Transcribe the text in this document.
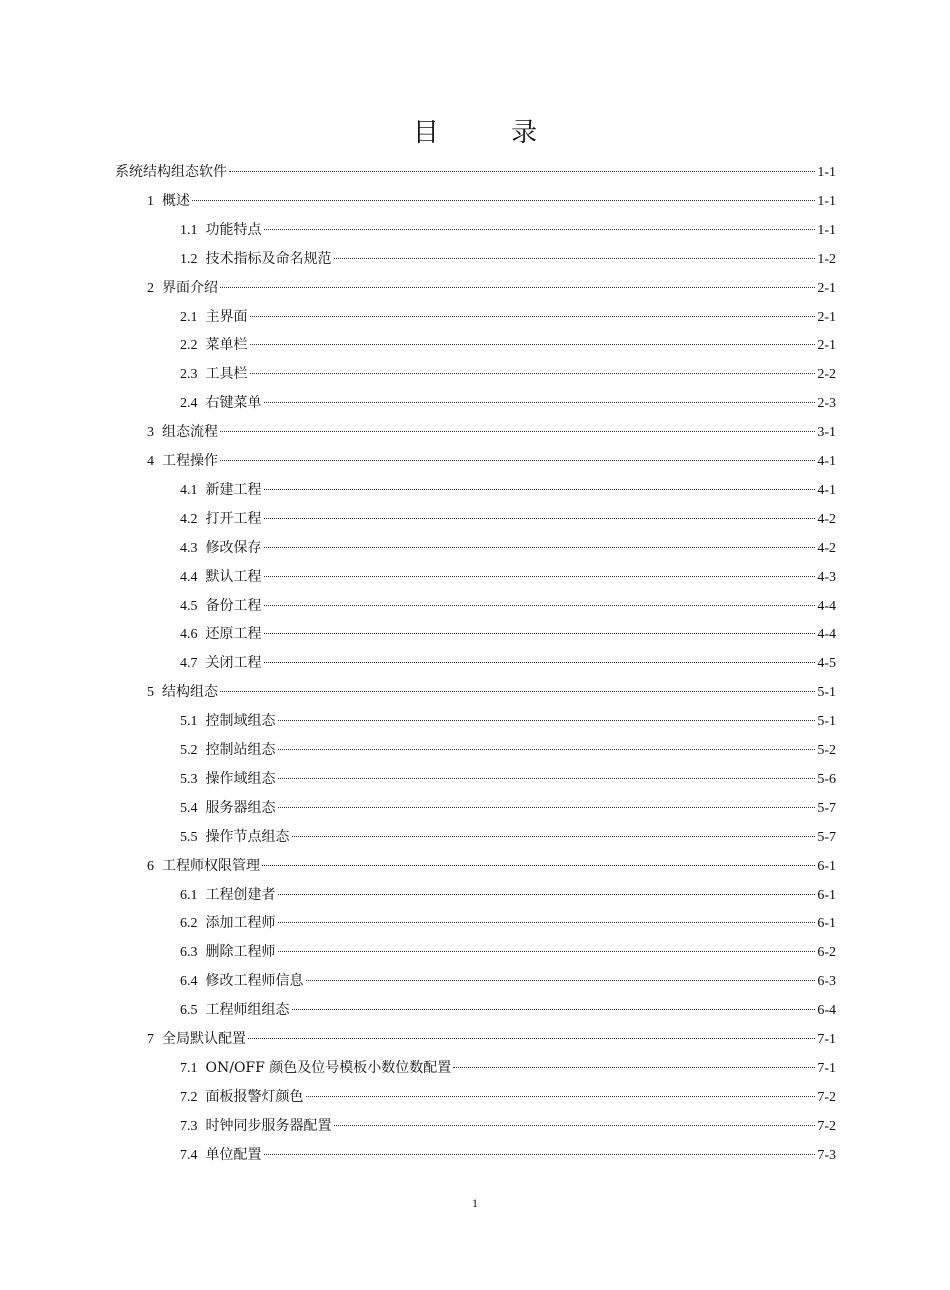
目 录
系统结构组态软件	1-1
1 概述	1-1
1.1 功能特点	1-1
1.2 技术指标及命名规范	1-2
2 界面介绍	2-1
2.1 主界面	2-1
2.2 菜单栏	2-1
2.3 工具栏	2-2
2.4 右键菜单	2-3
3 组态流程	3-1
4 工程操作	4-1
4.1 新建工程	4-1
4.2 打开工程	4-2
4.3 修改保存	4-2
4.4 默认工程	4-3
4.5 备份工程	4-4
4.6 还原工程	4-4
4.7 关闭工程	4-5
5 结构组态	5-1
5.1 控制域组态	5-1
5.2 控制站组态	5-2
5.3 操作域组态	5-6
5.4 服务器组态	5-7
5.5 操作节点组态	5-7
6 工程师权限管理	6-1
6.1 工程创建者	6-1
6.2 添加工程师	6-1
6.3 删除工程师	6-2
6.4 修改工程师信息	6-3
6.5 工程师组组态	6-4
7 全局默认配置	7-1
7.1 ON/OFF 颜色及位号模板小数位数配置	7-1
7.2 面板报警灯颜色	7-2
7.3 时钟同步服务器配置	7-2
7.4 单位配置	7-3
1
